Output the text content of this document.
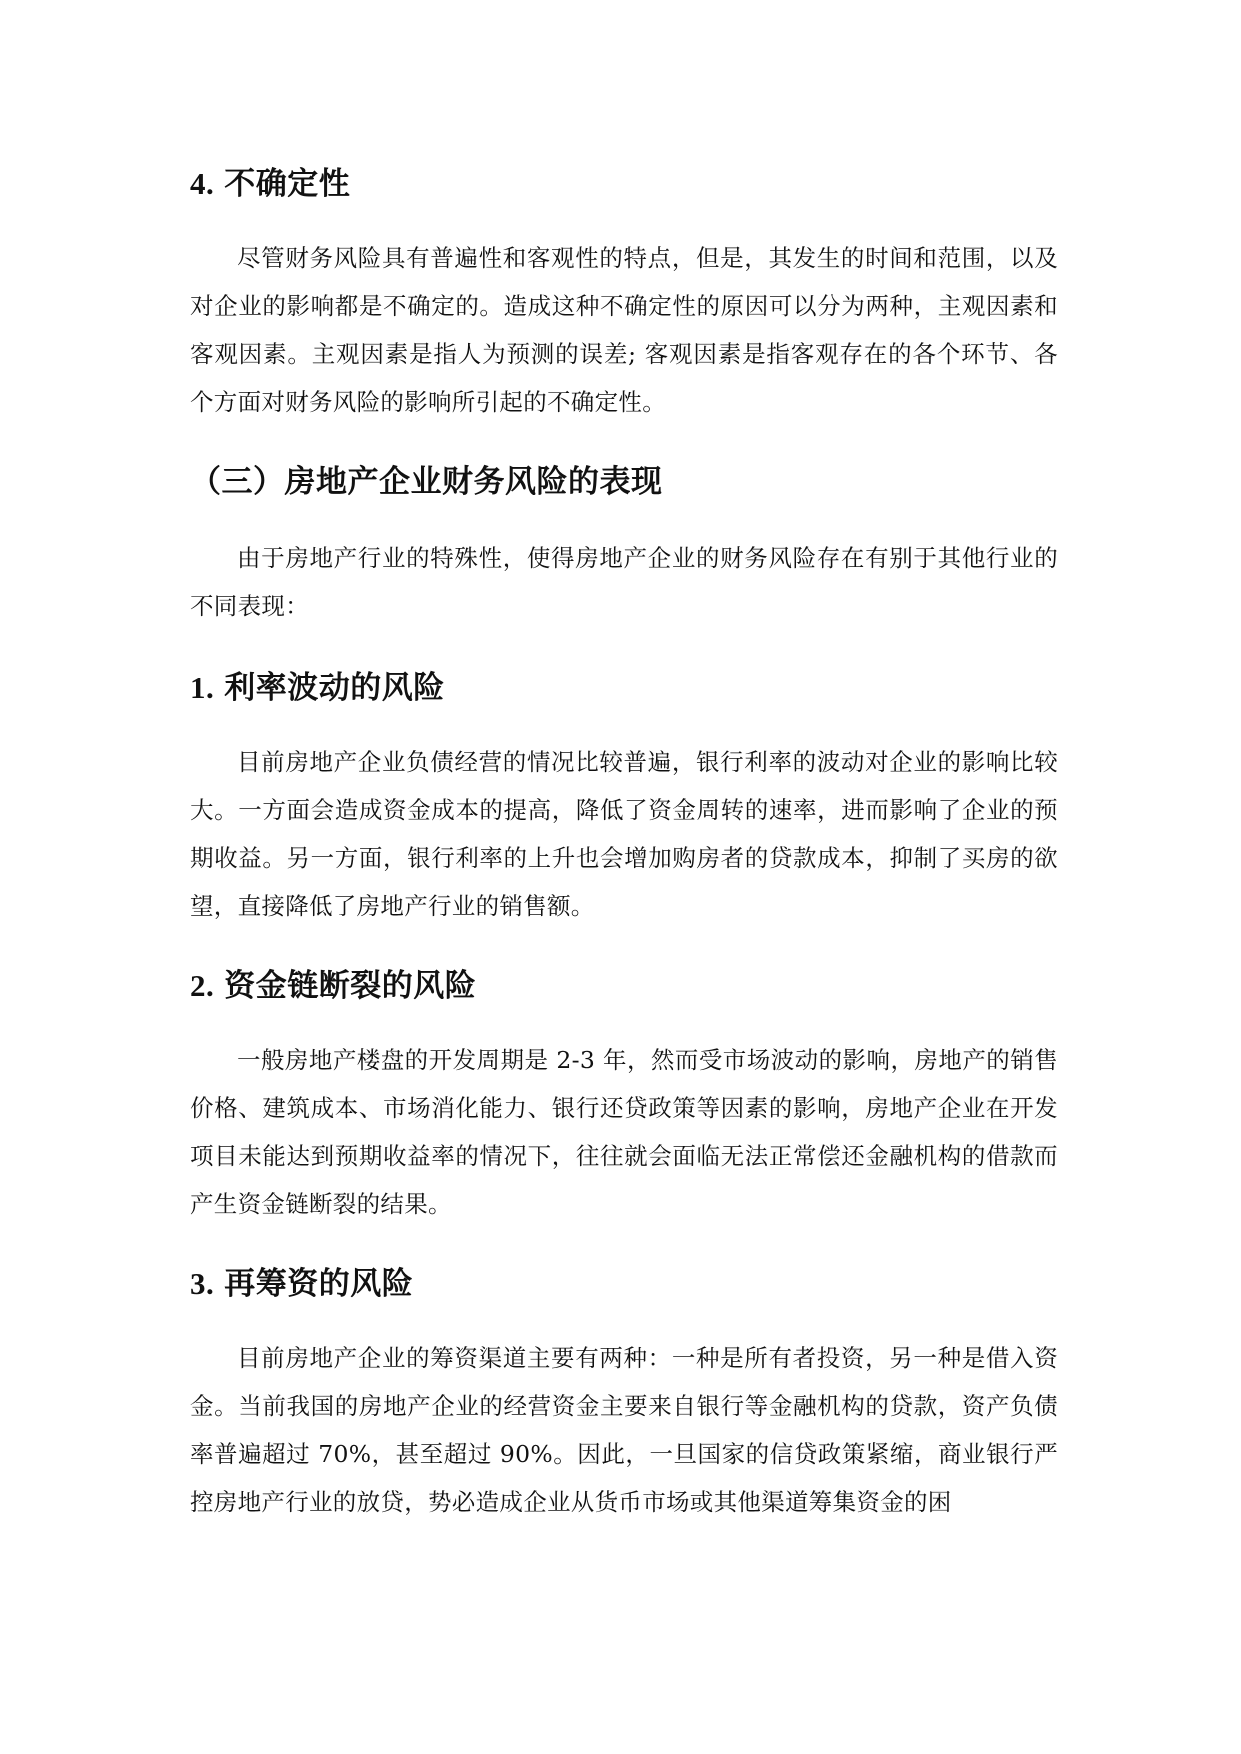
4. 不确定性

尽管财务风险具有普遍性和客观性的特点，但是，其发生的时间和范围，以及对企业的影响都是不确定的。造成这种不确定性的原因可以分为两种，主观因素和客观因素。主观因素是指人为预测的误差; 客观因素是指客观存在的各个环节、各个方面对财务风险的影响所引起的不确定性。

（三）房地产企业财务风险的表现

由于房地产行业的特殊性，使得房地产企业的财务风险存在有别于其他行业的不同表现：

1. 利率波动的风险

目前房地产企业负债经营的情况比较普遍，银行利率的波动对企业的影响比较大。一方面会造成资金成本的提高，降低了资金周转的速率，进而影响了企业的预期收益。另一方面，银行利率的上升也会增加购房者的贷款成本，抑制了买房的欲望，直接降低了房地产行业的销售额。

2. 资金链断裂的风险

一般房地产楼盘的开发周期是 2-3 年，然而受市场波动的影响，房地产的销售价格、建筑成本、市场消化能力、银行还贷政策等因素的影响，房地产企业在开发项目未能达到预期收益率的情况下，往往就会面临无法正常偿还金融机构的借款而产生资金链断裂的结果。

3. 再筹资的风险

目前房地产企业的筹资渠道主要有两种：一种是所有者投资，另一种是借入资金。当前我国的房地产企业的经营资金主要来自银行等金融机构的贷款，资产负债率普遍超过 70%，甚至超过 90%。因此，一旦国家的信贷政策紧缩，商业银行严控房地产行业的放贷，势必造成企业从货币市场或其他渠道筹集资金的困
